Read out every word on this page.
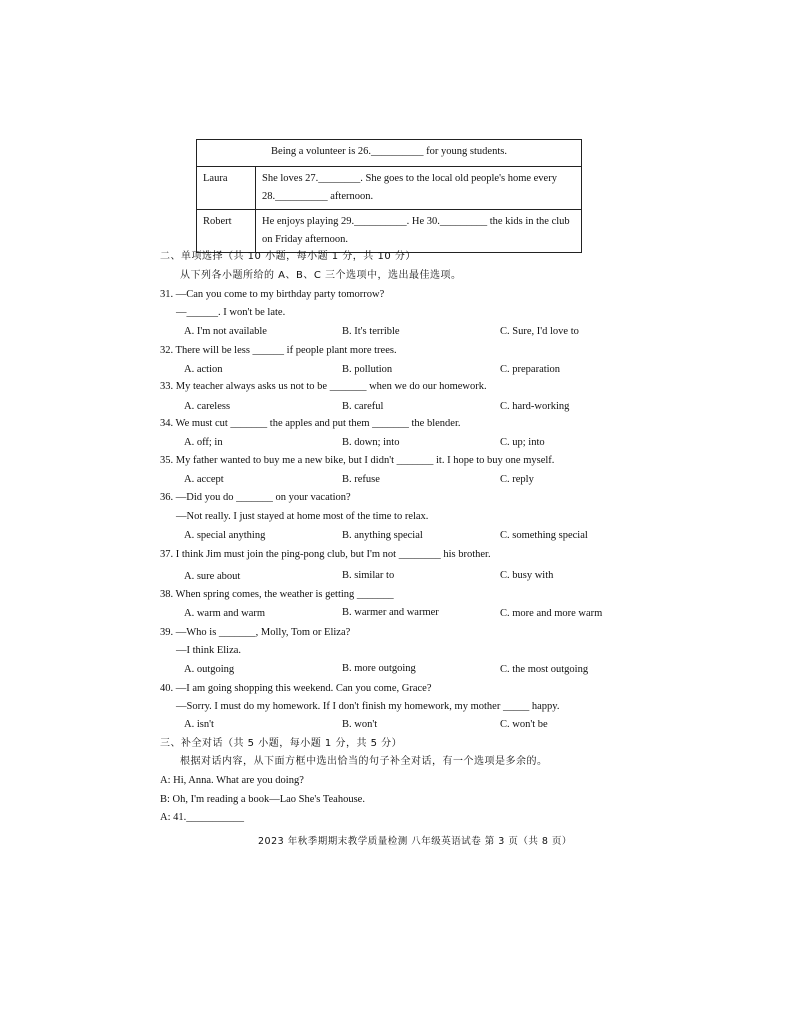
Being a volunteer is 26.__________ for young students.	
Laura	She loves 27.________. She goes to the local old people's home every
28.__________ afternoon.

Robert	He enjoys playing 29.__________. He 30._________ the kids in the club
on Friday afternoon.
二、单项选择（共 10 小题，每小题 1 分，共 10 分）
从下列各小题所给的 A、B、C 三个选项中，选出最佳选项。
31. —Can you come to my birthday party tomorrow?
—______. I won't be late.
A. I'm not available	B. It's terrible	C. Sure, I'd love to
32. There will be less ______ if people plant more trees.
A. action	B. pollution	C. preparation
33. My teacher always asks us not to be _______ when we do our homework.
A. careless	B. careful	C. hard-working
34. We must cut _______ the apples and put them _______ the blender.
A. off; in	B. down; into	C. up; into
35. My father wanted to buy me a new bike, but I didn't _______ it. I hope to buy one myself.
A. accept	B. refuse	C. reply
36. —Did you do _______ on your vacation?
—Not really. I just stayed at home most of the time to relax.
A. special anything	B. anything special	C. something special
37. I think Jim must join the ping-pong club, but I'm not ________ his brother.
A. sure about	B. similar to	C. busy with
38. When spring comes, the weather is getting _______
A. warm and warm	B. warmer and warmer	C. more and more warm
39. —Who is _______, Molly, Tom or Eliza?
—I think Eliza.
A. outgoing	B. more outgoing	C. the most outgoing
40. —I am going shopping this weekend. Can you come, Grace?
—Sorry. I must do my homework. If I don't finish my homework, my mother _____ happy.
A. isn't	B. won't	C. won't be
三、补全对话（共 5 小题，每小题 1 分，共 5 分）
根据对话内容，从下面方框中选出恰当的句子补全对话，有一个选项是多余的。
A: Hi, Anna. What are you doing?
B: Oh, I'm reading a book—Lao She's Teahouse.
A: 41.___________
2023 年秋季期期末教学质量检测 八年级英语试卷 第 3 页（共 8 页）
